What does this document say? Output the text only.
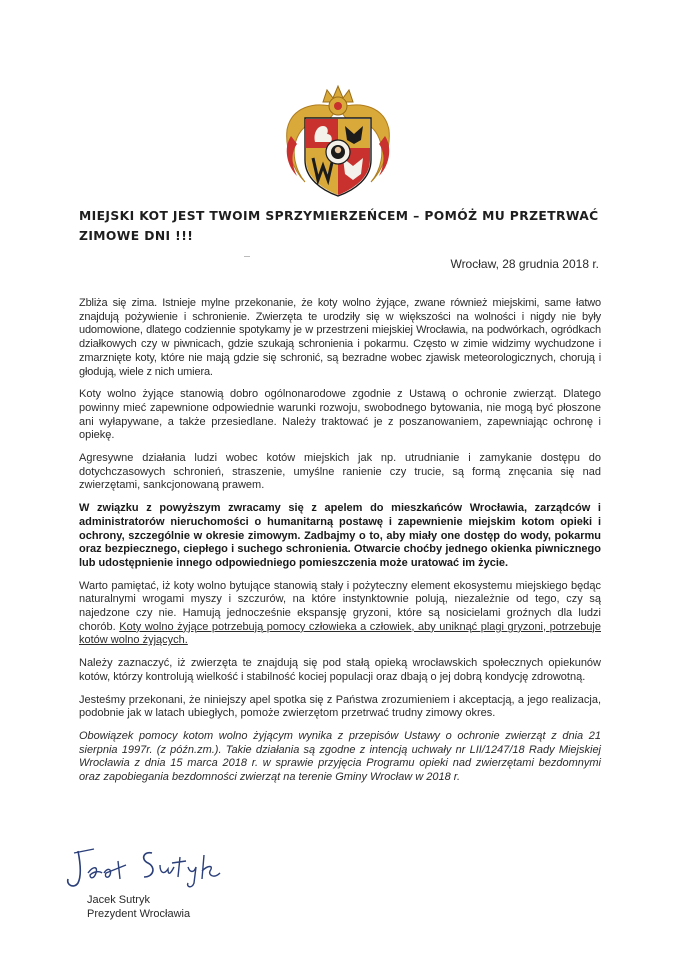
MIEJSKI KOT JEST TWOIM SPRZYMIERZEŃCEM – POMÓŻ MU PRZETRWAĆ ZIMOWE DNI !!!
Wrocław, 28 grudnia 2018 r.

Zbliża się zima. Istnieje mylne przekonanie, że koty wolno żyjące, zwane również miejskimi, same łatwo znajdują pożywienie i schronienie. Zwierzęta te urodziły się w większości na wolności i nigdy nie były udomowione, dlatego codziennie spotykamy je w przestrzeni miejskiej Wrocławia, na podwórkach, ogródkach działkowych czy w piwnicach, gdzie szukają schronienia i pokarmu. Często w zimie widzimy wychudzone i zmarznięte koty, które nie mają gdzie się schronić, są bezradne wobec zjawisk meteorologicznych, chorują i głodują, wiele z nich umiera.

Koty wolno żyjące stanowią dobro ogólnonarodowe zgodnie z Ustawą o ochronie zwierząt. Dlatego powinny mieć zapewnione odpowiednie warunki rozwoju, swobodnego bytowania, nie mogą być płoszone ani wyłapywane, a także przesiedlane. Należy traktować je z poszanowaniem, zapewniając ochronę i opiekę.

Agresywne działania ludzi wobec kotów miejskich jak np. utrudnianie i zamykanie dostępu do dotychczasowych schronień, straszenie, umyślne ranienie czy trucie, są formą znęcania się nad zwierzętami, sankcjonowaną prawem.

W związku z powyższym zwracamy się z apelem do mieszkańców Wrocławia, zarządców i administratorów nieruchomości o humanitarną postawę i zapewnienie miejskim kotom opieki i ochrony, szczególnie w okresie zimowym. Zadbajmy o to, aby miały one dostęp do wody, pokarmu oraz bezpiecznego, ciepłego i suchego schronienia. Otwarcie choćby jednego okienka piwnicznego lub udostępnienie innego odpowiedniego pomieszczenia może uratować im życie.

Warto pamiętać, iż koty wolno bytujące stanowią stały i pożyteczny element ekosystemu miejskiego będąc naturalnymi wrogami myszy i szczurów, na które instynktownie polują, niezależnie od tego, czy są najedzone czy nie. Hamują jednocześnie ekspansję gryzoni, które są nosicielami groźnych dla ludzi chorób. Koty wolno żyjące potrzebują pomocy człowieka a człowiek, aby uniknąć plagi gryzoni, potrzebuje kotów wolno żyjących.

Należy zaznaczyć, iż zwierzęta te znajdują się pod stałą opieką wrocławskich społecznych opiekunów kotów, którzy kontrolują wielkość i stabilność kociej populacji oraz dbają o jej dobrą kondycję zdrowotną.

Jesteśmy przekonani, że niniejszy apel spotka się z Państwa zrozumieniem i akceptacją, a jego realizacja, podobnie jak w latach ubiegłych, pomoże zwierzętom przetrwać trudny zimowy okres.

Obowiązek pomocy kotom wolno żyjącym wynika z przepisów Ustawy o ochronie zwierząt z dnia 21 sierpnia 1997r. (z późn.zm.). Takie działania są zgodne z intencją uchwały nr LII/1247/18 Rady Miejskiej Wrocławia z dnia 15 marca 2018 r. w sprawie przyjęcia Programu opieki nad zwierzętami bezdomnymi oraz zapobiegania bezdomności zwierząt na terenie Gminy Wrocław w 2018 r.

Jacek Sutryk
Prezydent Wrocławia
